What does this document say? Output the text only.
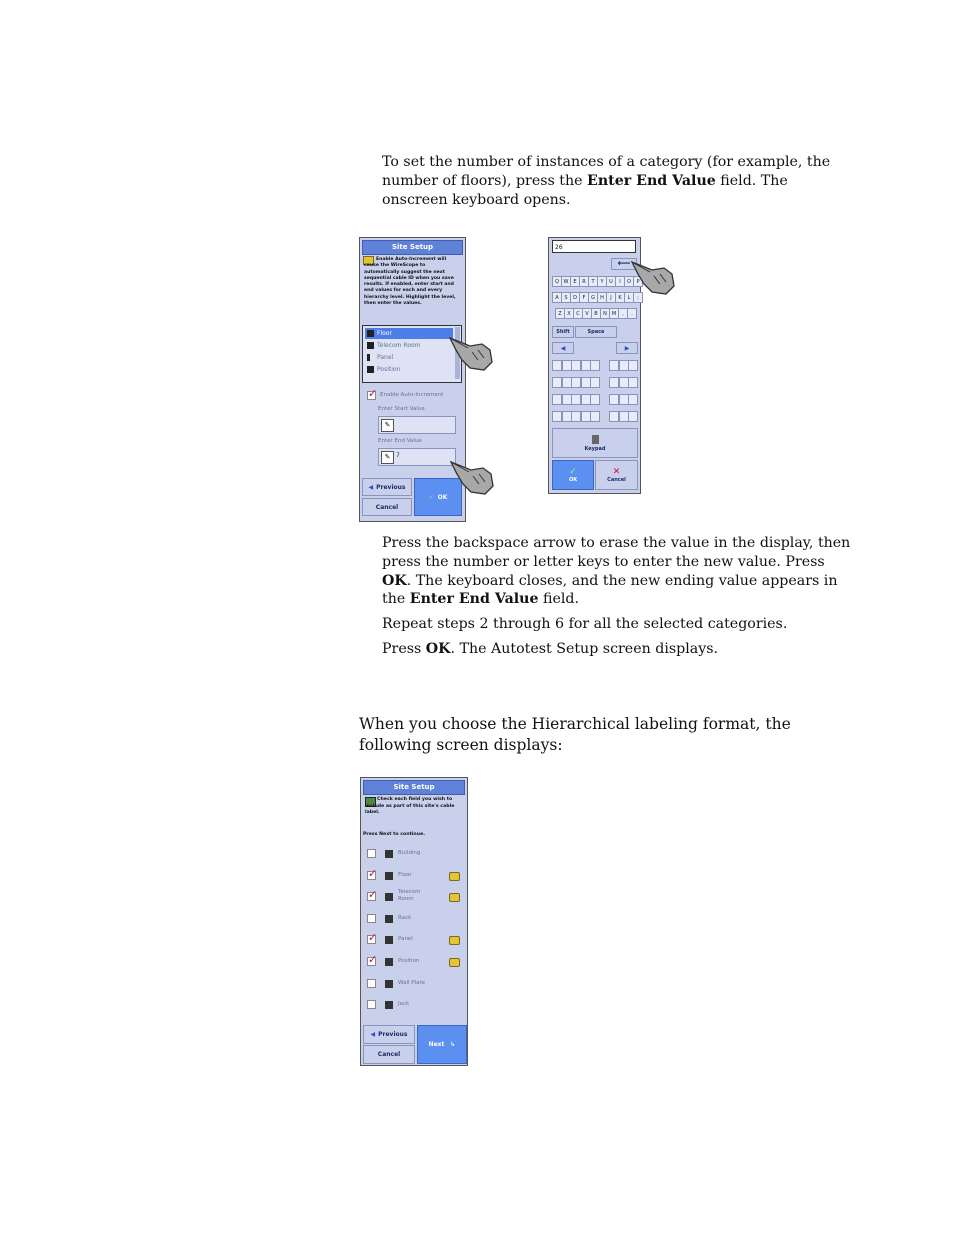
To set the number of instances of a category (for example, the number of floors), press the Enter End Value field. The onscreen keyboard opens.

Site Setup
Enable Auto-Increment will cause the WireScope to automatically suggest the next sequential cable ID when you save results. If enabled, enter start and end values for each and every hierarchy level. Highlight the level, then enter the values.
Floor
Telecom Room
Panel
Position
✓ Enable Auto-Increment
Enter Start Value
✎
Enter End Value
✎ 7
◀ Previous
Cancel
✓ OK
26
⟵
Q W E	R	T	Y	U	I	O	P
A	S	D	F	G	H	J	K	L	;
Z	X	C	V	B	N M	,	.
Shift	Space
◀	▶
Keypad
✓
OK
✕
Cancel

Press the backspace arrow to erase the value in the display, then press the number or letter keys to enter the new value. Press OK. The keyboard closes, and the new ending value appears in the Enter End Value field.

Repeat steps 2 through 6 for all the selected categories.

Press OK. The Autotest Setup screen displays.

When you choose the Hierarchical labeling format, the following screen displays:

Site Setup
Check each field you wish to include as part of this site's cable label.
Press Next to continue.
Building
✓	Floor
✓	Telecom Room
Rack
✓	Panel
✓	Position
Wall Plate
Jack
◀ Previous
Cancel
Next ↳
